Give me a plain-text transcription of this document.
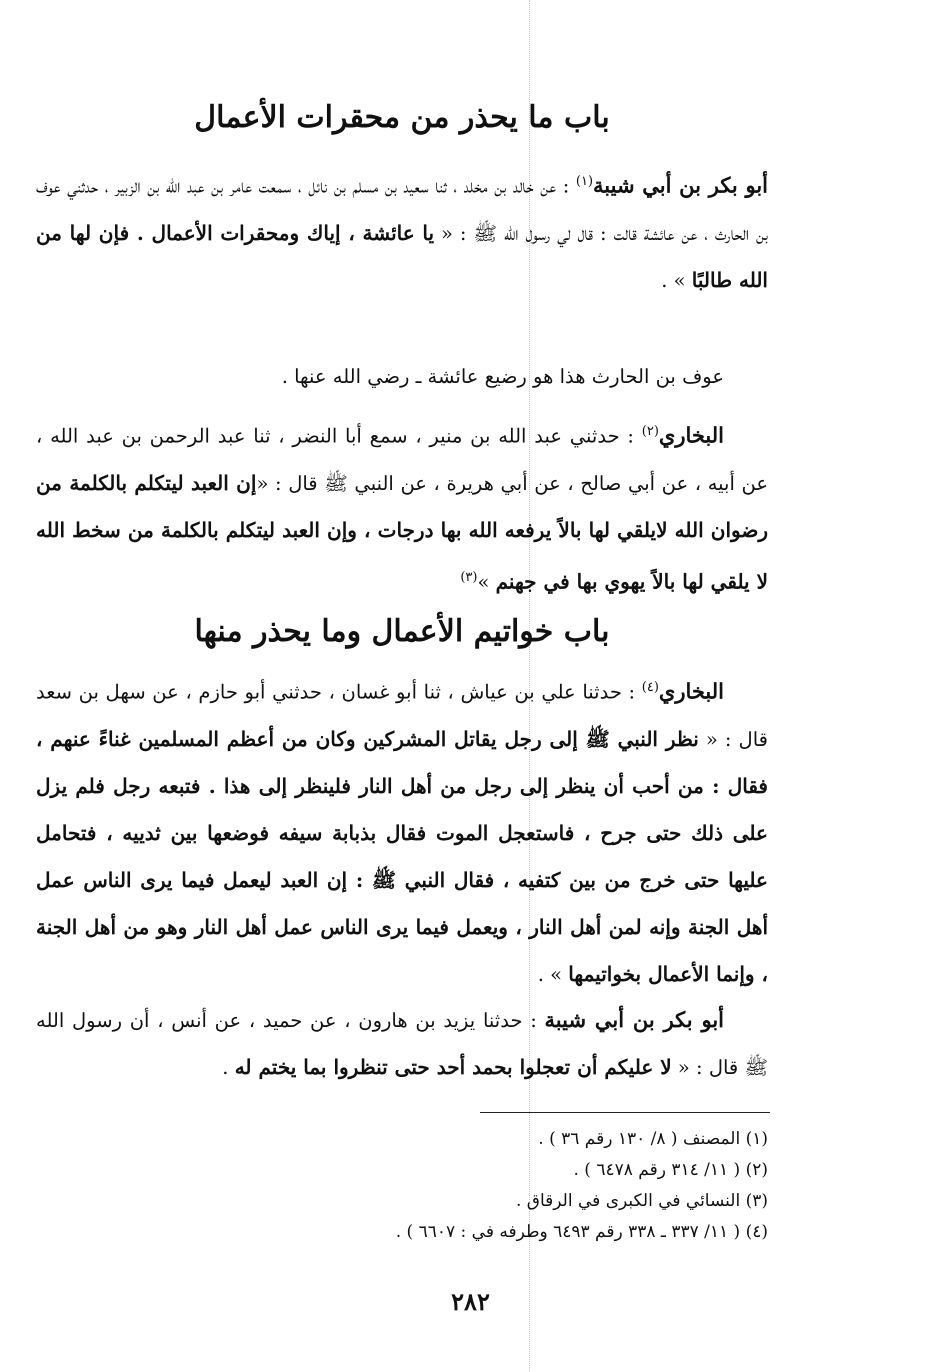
باب ما يحذر من محقرات الأعمال

أبو بكر بن أبي شيبة$^{(١)}$ : عن خالد بن مخلد ، ثنا سعيد بن مسلم بن نائل ، سمعت عامر بن عبد الله بن الزبير ، حدثني عوف بن الحارث ، عن عائشة قالت : قال لي رسول الله ﷺ : « يا عائشة ، إياك ومحقرات الأعمال . فإن لها من الله طالبًا » .

عوف بن الحارث هذا هو رضيع عائشة ـ رضي الله عنها .

البخاري$^{(٢)}$ : حدثني عبد الله بن منير ، سمع أبا النضر ، ثنا عبد الرحمن بن عبد الله ، عن أبيه ، عن أبي صالح ، عن أبي هريرة ، عن النبي ﷺ قال : «إن العبد ليتكلم بالكلمة من رضوان الله لايلقي لها بالاً يرفعه الله بها درجات ، وإن العبد ليتكلم بالكلمة من سخط الله لا يلقي لها بالاً يهوي بها في جهنم »$^{(٣)}$

باب خواتيم الأعمال وما يحذر منها

البخاري$^{(٤)}$ : حدثنا علي بن عياش ، ثنا أبو غسان ، حدثني أبو حازم ، عن سهل بن سعد قال : « نظر النبي ﷺ إلى رجل يقاتل المشركين وكان من أعظم المسلمين غناءً عنهم ، فقال : من أحب أن ينظر إلى رجل من أهل النار فلينظر إلى هذا . فتبعه رجل فلم يزل على ذلك حتى جرح ، فاستعجل الموت فقال بذبابة سيفه فوضعها بين ثدييه ، فتحامل عليها حتى خرج من بين كتفيه ، فقال النبي ﷺ : إن العبد ليعمل فيما يرى الناس عمل أهل الجنة وإنه لمن أهل النار ، ويعمل فيما يرى الناس عمل أهل النار وهو من أهل الجنة ، وإنما الأعمال بخواتيمها » .

أبو بكر بن أبي شيبة : حدثنا يزيد بن هارون ، عن حميد ، عن أنس ، أن رسول الله ﷺ قال : « لا عليكم أن تعجلوا بحمد أحد حتى تنظروا بما يختم له .

(١) المصنف ( ٨/ ١٣٠ رقم ٣٦ ) .
(٢) ( ١١/ ٣١٤ رقم ٦٤٧٨ ) .
(٣) النسائي في الكبرى في الرقاق .
(٤) ( ١١/ ٣٣٧ ـ ٣٣٨ رقم ٦٤٩٣ وطرفه في : ٦٦٠٧ ) .
٢٨٢
